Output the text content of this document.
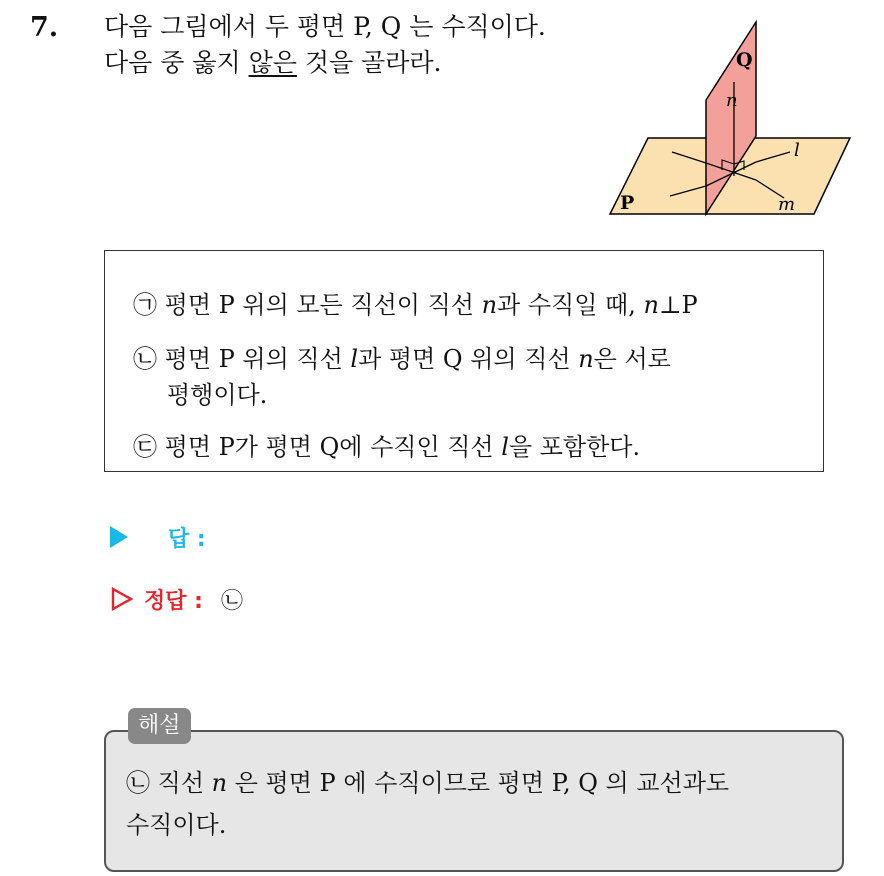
7. 다음 그림에서 두 평면 P, Q 는 수직이다.
다음 중 옳지 않은 것을 골라라.
P
Q
n
l
m
㉠ 평면 P 위의 모든 직선이 직선 n과 수직일 때, n⊥P
㉡ 평면 P 위의 직선 l과 평면 Q 위의 직선 n은 서로
평행이다.
㉢ 평면 P가 평면 Q에 수직인 직선 l을 포함한다.
답 :
정답 : ㉡
㉡ 직선 n 은 평면 P 에 수직이므로 평면 P, Q 의 교선과도
수직이다.
해설
